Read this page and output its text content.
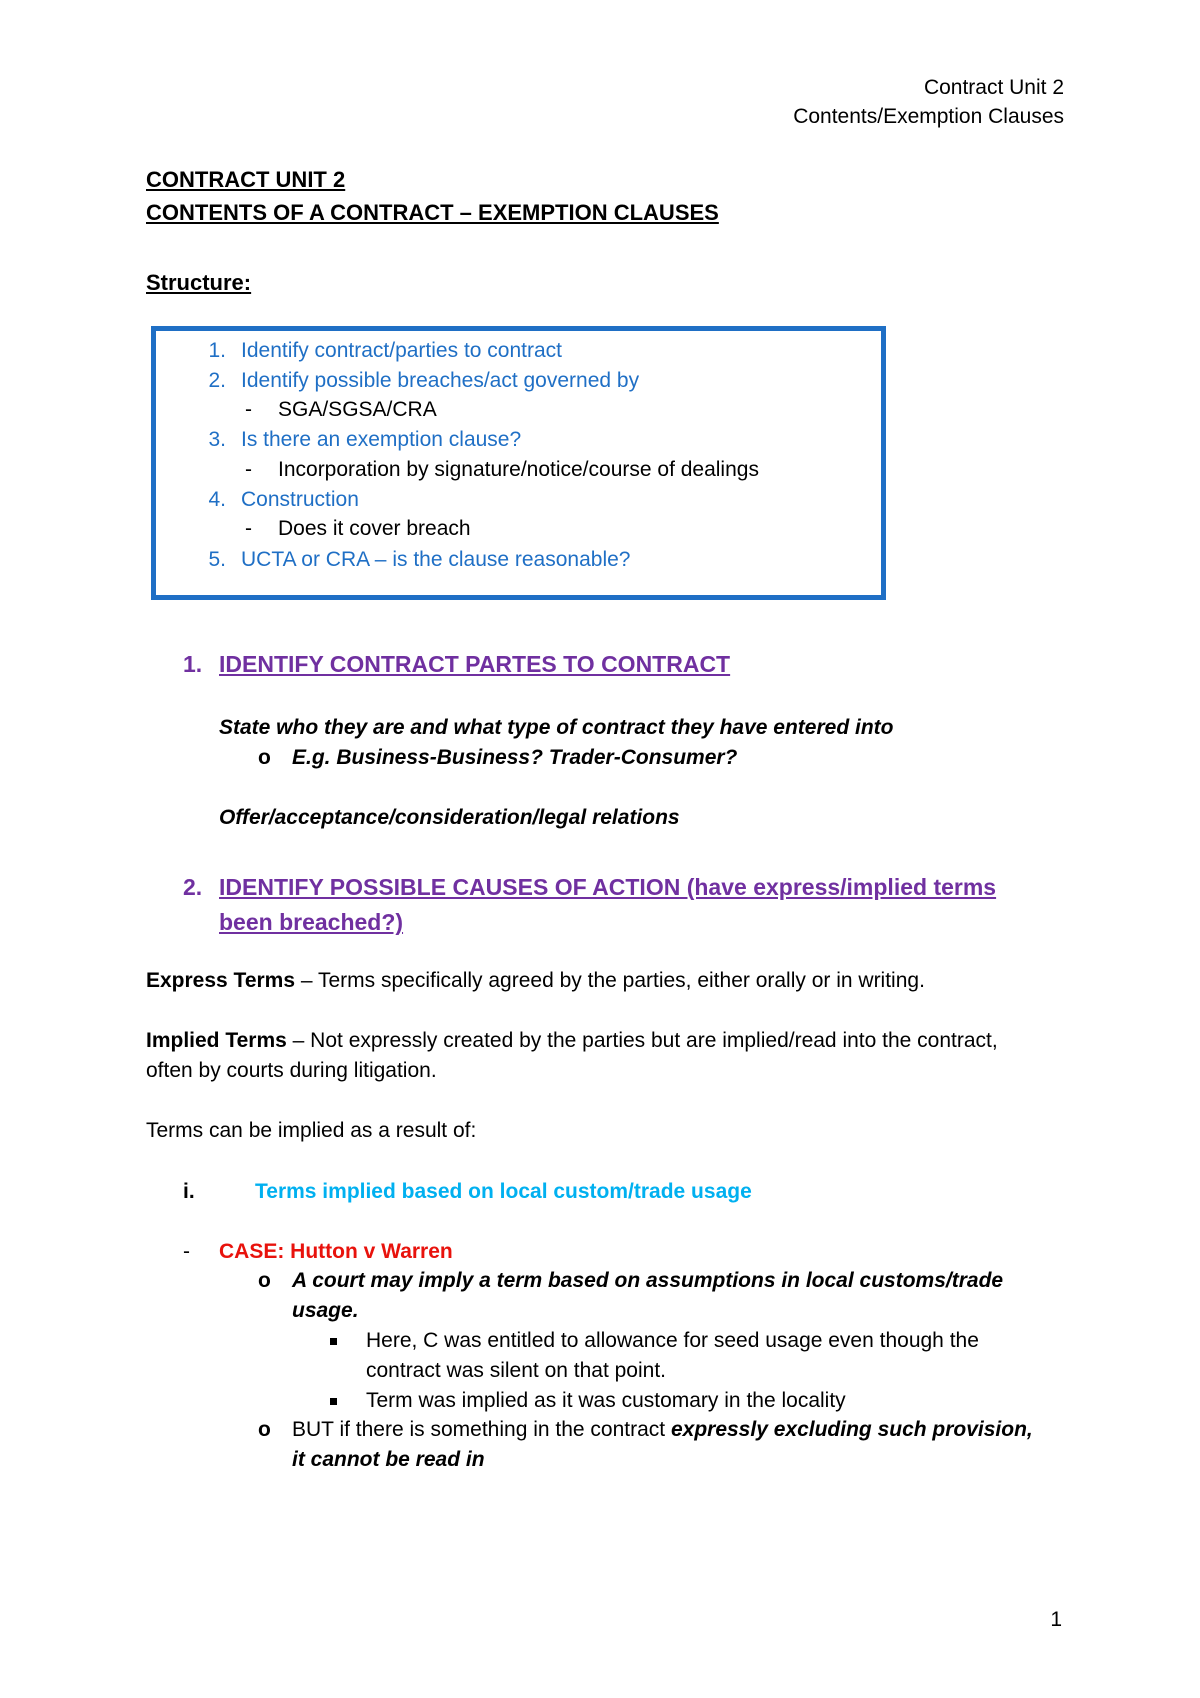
Contract Unit 2
Contents/Exemption Clauses
CONTRACT UNIT 2
CONTENTS OF A CONTRACT – EXEMPTION CLAUSES
Structure:
1. Identify contract/parties to contract
2. Identify possible breaches/act governed by
- SGA/SGSA/CRA
3. Is there an exemption clause?
- Incorporation by signature/notice/course of dealings
4. Construction
- Does it cover breach
5. UCTA or CRA – is the clause reasonable?
1. IDENTIFY CONTRACT PARTES TO CONTRACT
State who they are and what type of contract they have entered into
o E.g. Business-Business? Trader-Consumer?
Offer/acceptance/consideration/legal relations
2. IDENTIFY POSSIBLE CAUSES OF ACTION (have express/implied terms
been breached?)
Express Terms – Terms specifically agreed by the parties, either orally or in writing.
Implied Terms – Not expressly created by the parties but are implied/read into the contract,
often by courts during litigation.
Terms can be implied as a result of:
i.	Terms implied based on local custom/trade usage
- CASE: Hutton v Warren
o A court may imply a term based on assumptions in local customs/trade
usage.
Here, C was entitled to allowance for seed usage even though the
contract was silent on that point.
Term was implied as it was customary in the locality
o BUT if there is something in the contract expressly excluding such provision,
it cannot be read in
1
